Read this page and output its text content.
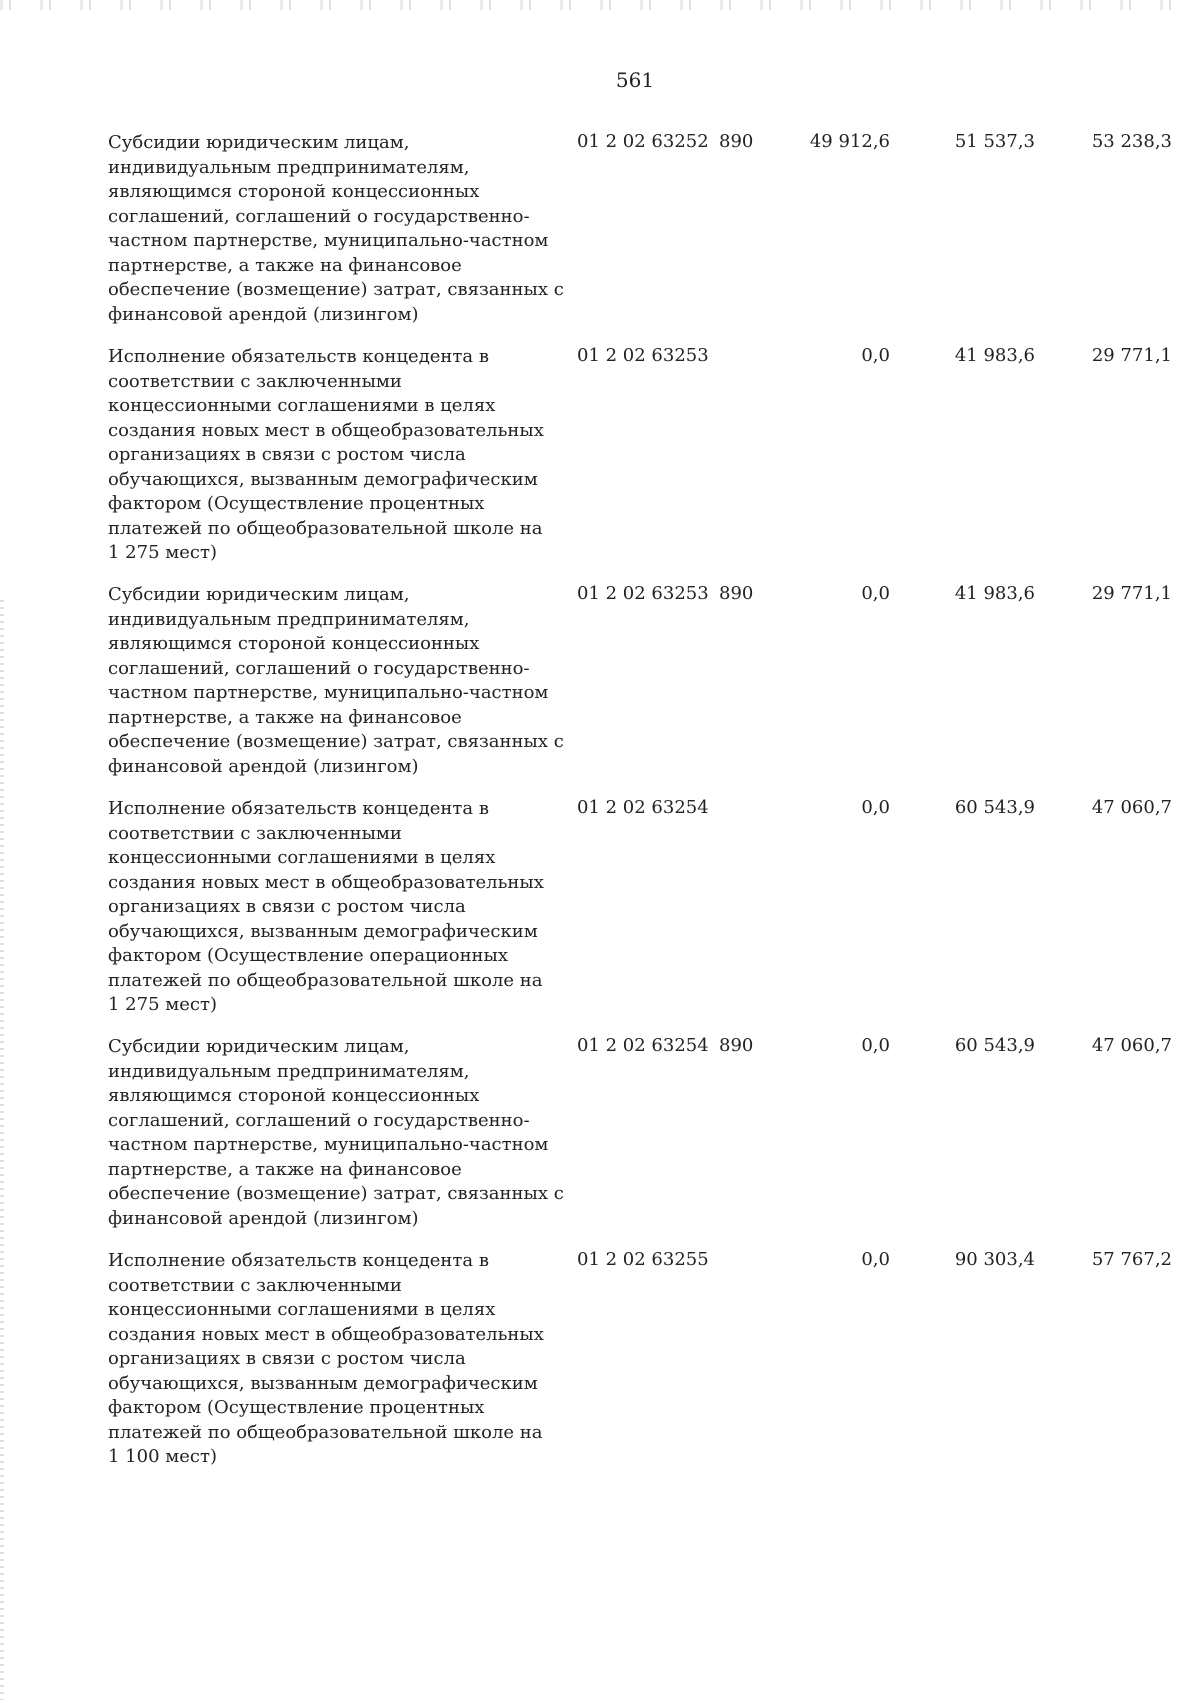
561
Субсидии юридическим лицам,
индивидуальным предпринимателям,
являющимся стороной концессионных
соглашений, соглашений о государственно-
частном партнерстве, муниципально-частном
партнерстве, а также на финансовое
обеспечение (возмещение) затрат, связанных с
финансовой арендой (лизингом)
01 2 02 63252 890	49 912,6	51 537,3	53 238,3
Исполнение обязательств концедента в
соответствии с заключенными
концессионными соглашениями в целях
создания новых мест в общеобразовательных
организациях в связи с ростом числа
обучающихся, вызванным демографическим
фактором (Осуществление процентных
платежей по общеобразовательной школе на
1 275 мест)
01 2 02 63253	0,0	41 983,6	29 771,1
Субсидии юридическим лицам,
индивидуальным предпринимателям,
являющимся стороной концессионных
соглашений, соглашений о государственно-
частном партнерстве, муниципально-частном
партнерстве, а также на финансовое
обеспечение (возмещение) затрат, связанных с
финансовой арендой (лизингом)
01 2 02 63253 890	0,0	41 983,6	29 771,1
Исполнение обязательств концедента в
соответствии с заключенными
концессионными соглашениями в целях
создания новых мест в общеобразовательных
организациях в связи с ростом числа
обучающихся, вызванным демографическим
фактором (Осуществление операционных
платежей по общеобразовательной школе на
1 275 мест)
01 2 02 63254	0,0	60 543,9	47 060,7
Субсидии юридическим лицам,
индивидуальным предпринимателям,
являющимся стороной концессионных
соглашений, соглашений о государственно-
частном партнерстве, муниципально-частном
партнерстве, а также на финансовое
обеспечение (возмещение) затрат, связанных с
финансовой арендой (лизингом)
01 2 02 63254 890	0,0	60 543,9	47 060,7
Исполнение обязательств концедента в
соответствии с заключенными
концессионными соглашениями в целях
создания новых мест в общеобразовательных
организациях в связи с ростом числа
обучающихся, вызванным демографическим
фактором (Осуществление процентных
платежей по общеобразовательной школе на
1 100 мест)
01 2 02 63255	0,0	90 303,4	57 767,2
